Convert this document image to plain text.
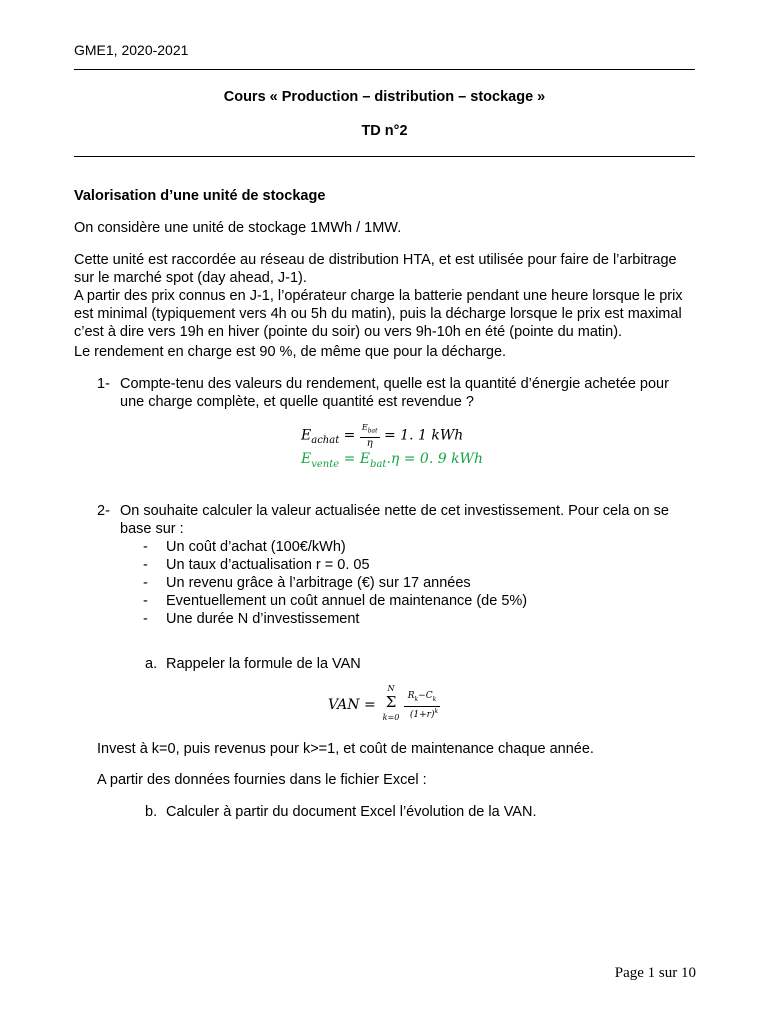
GME1, 2020-2021
Cours « Production – distribution – stockage »
TD n°2
Valorisation d’une unité de stockage
On considère une unité de stockage 1MWh / 1MW.
Cette unité est raccordée au réseau de distribution HTA, et est utilisée pour faire de l’arbitrage sur le marché spot (day ahead, J-1).
A partir des prix connus en J-1, l’opérateur charge la batterie pendant une heure lorsque le prix est minimal (typiquement vers 4h ou 5h du matin), puis la décharge lorsque le prix est maximal c’est à dire vers 19h en hiver (pointe du soir) ou vers 9h-10h en été (pointe du matin).
Le rendement en charge est 90 %, de même que pour la décharge.
1- Compte-tenu des valeurs du rendement, quelle est la quantité d’énergie achetée pour une charge complète, et quelle quantité est revendue ?
$E_{achat} = \frac{E_{bat}}{\eta} = 1$. 1 kWh
$E_{vente} = E_{bat}.\eta = 0$. 9 kWh
2- On souhaite calculer la valeur actualisée nette de cet investissement. Pour cela on se base sur :
- Un coût d’achat (100€/kWh)
- Un taux d’actualisation r = 0. 05
- Un revenu grâce à l’arbitrage (€) sur 17 années
- Eventuellement un coût annuel de maintenance (de 5%)
- Une durée N d’investissement
a. Rappeler la formule de la VAN
VAN =
N
Σ
k=0
$R_k-C_k$
$(1+r)^k$
Invest à k=0, puis revenus pour k>=1, et coût de maintenance chaque année.
A partir des données fournies dans le fichier Excel :
b. Calculer à partir du document Excel l’évolution de la VAN.
Page 1 sur 10
